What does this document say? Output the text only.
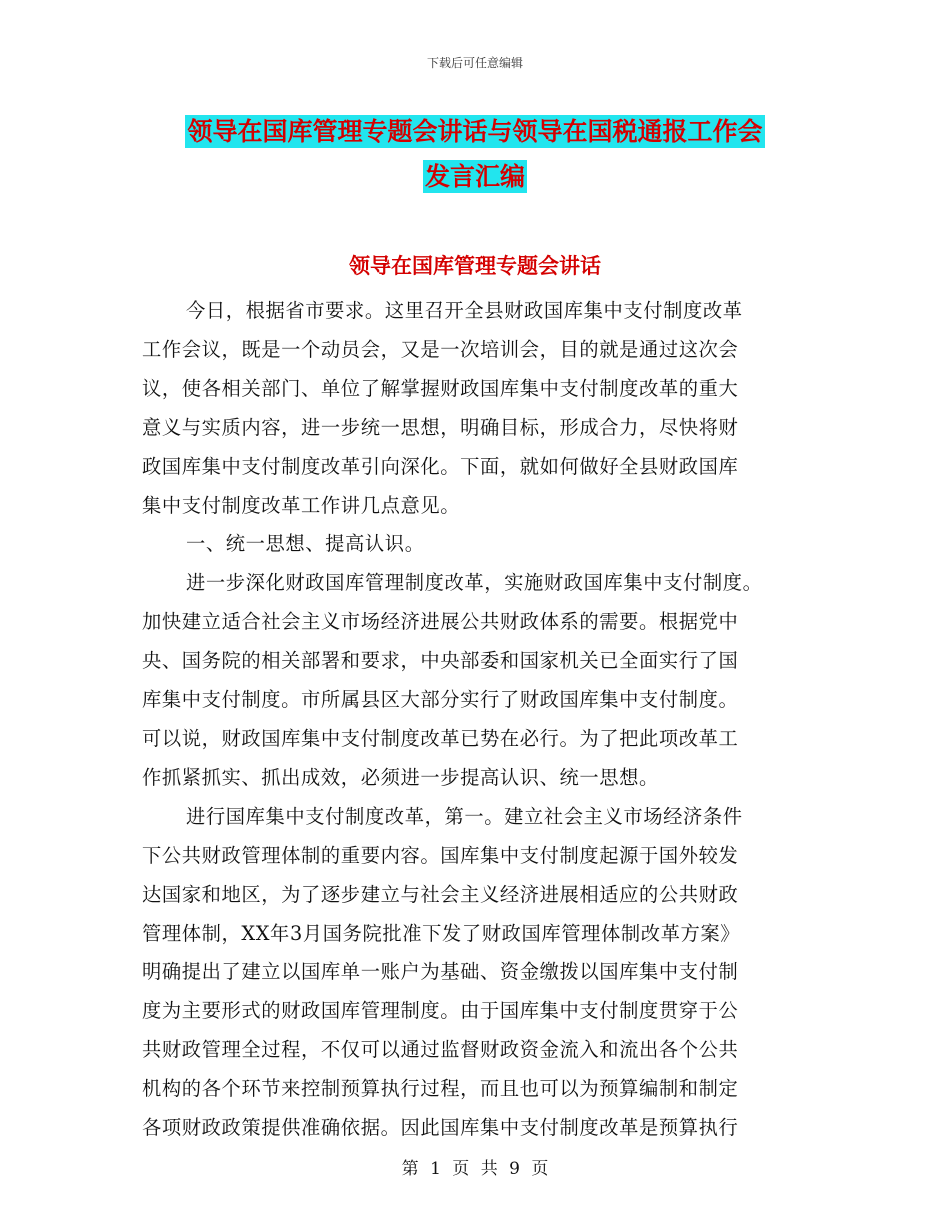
下载后可任意编辑
领导在国库管理专题会讲话与领导在国税通报工作会
发言汇编
领导在国库管理专题会讲话
今日，根据省市要求。这里召开全县财政国库集中支付制度改革
工作会议，既是一个动员会，又是一次培训会，目的就是通过这次会
议，使各相关部门、单位了解掌握财政国库集中支付制度改革的重大
意义与实质内容，进一步统一思想，明确目标，形成合力，尽快将财
政国库集中支付制度改革引向深化。下面，就如何做好全县财政国库
集中支付制度改革工作讲几点意见。
一、统一思想、提高认识。
进一步深化财政国库管理制度改革，实施财政国库集中支付制度。
加快建立适合社会主义市场经济进展公共财政体系的需要。根据党中
央、国务院的相关部署和要求，中央部委和国家机关已全面实行了国
库集中支付制度。市所属县区大部分实行了财政国库集中支付制度。
可以说，财政国库集中支付制度改革已势在必行。为了把此项改革工
作抓紧抓实、抓出成效，必须进一步提高认识、统一思想。
进行国库集中支付制度改革，第一。建立社会主义市场经济条件
下公共财政管理体制的重要内容。国库集中支付制度起源于国外较发
达国家和地区，为了逐步建立与社会主义经济进展相适应的公共财政
管理体制，XX年3月国务院批准下发了财政国库管理体制改革方案》
明确提出了建立以国库单一账户为基础、资金缴拨以国库集中支付制
度为主要形式的财政国库管理制度。由于国库集中支付制度贯穿于公
共财政管理全过程，不仅可以通过监督财政资金流入和流出各个公共
机构的各个环节来控制预算执行过程，而且也可以为预算编制和制定
各项财政政策提供准确依据。因此国库集中支付制度改革是预算执行
第 1 页 共 9 页
